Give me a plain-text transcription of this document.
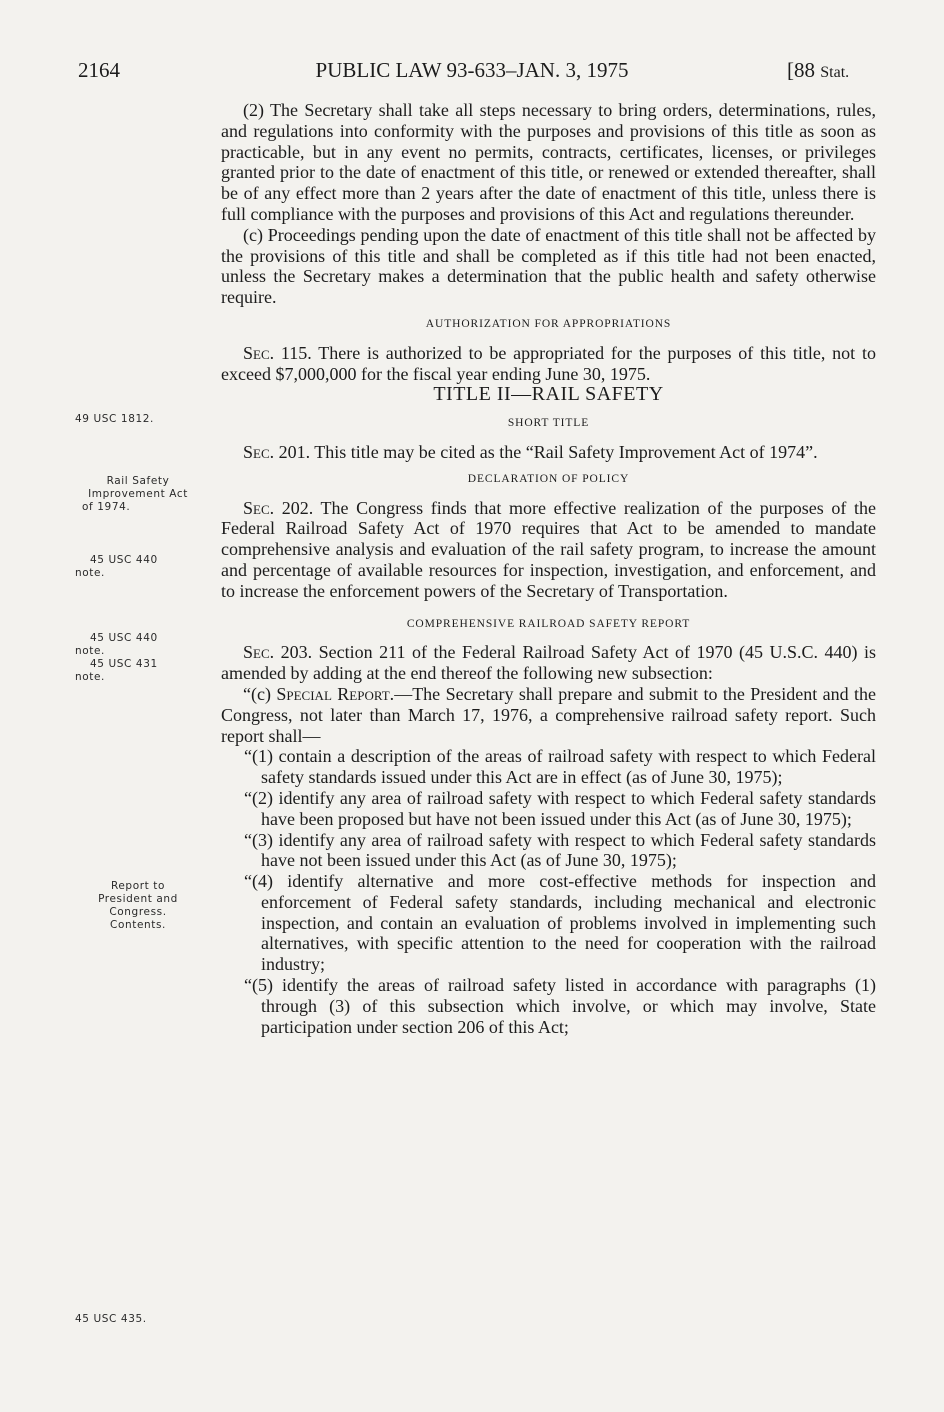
2164	PUBLIC LAW 93-633–JAN. 3, 1975	[88 Stat.

(2) The Secretary shall take all steps necessary to bring orders, determinations, rules, and regulations into conformity with the purposes and provisions of this title as soon as practicable, but in any event no permits, contracts, certificates, licenses, or privileges granted prior to the date of enactment of this title, or renewed or extended thereafter, shall be of any effect more than 2 years after the date of enactment of this title, unless there is full compliance with the purposes and provisions of this Act and regulations thereunder.

(c) Proceedings pending upon the date of enactment of this title shall not be affected by the provisions of this title and shall be completed as if this title had not been enacted, unless the Secretary makes a determination that the public health and safety otherwise require.

AUTHORIZATION FOR APPROPRIATIONS

Sec. 115. There is authorized to be appropriated for the purposes of this title, not to exceed $7,000,000 for the fiscal year ending June 30, 1975.

TITLE II—RAIL SAFETY

SHORT TITLE

Sec. 201. This title may be cited as the “Rail Safety Improvement Act of 1974”.

DECLARATION OF POLICY

Sec. 202. The Congress finds that more effective realization of the purposes of the Federal Railroad Safety Act of 1970 requires that Act to be amended to mandate comprehensive analysis and evaluation of the rail safety program, to increase the amount and percentage of available resources for inspection, investigation, and enforcement, and to increase the enforcement powers of the Secretary of Transportation.

COMPREHENSIVE RAILROAD SAFETY REPORT

Sec. 203. Section 211 of the Federal Railroad Safety Act of 1970 (45 U.S.C. 440) is amended by adding at the end thereof the following new subsection:

“(c) Special Report.—The Secretary shall prepare and submit to the President and the Congress, not later than March 17, 1976, a comprehensive railroad safety report. Such report shall—

“(1) contain a description of the areas of railroad safety with respect to which Federal safety standards issued under this Act are in effect (as of June 30, 1975);

“(2) identify any area of railroad safety with respect to which Federal safety standards have been proposed but have not been issued under this Act (as of June 30, 1975);

“(3) identify any area of railroad safety with respect to which Federal safety standards have not been issued under this Act (as of June 30, 1975);

“(4) identify alternative and more cost-effective methods for inspection and enforcement of Federal safety standards, including mechanical and electronic inspection, and contain an evaluation of problems involved in implementing such alternatives, with specific attention to the need for cooperation with the railroad industry;

“(5) identify the areas of railroad safety listed in accordance with paragraphs (1) through (3) of this subsection which involve, or which may involve, State participation under section 206 of this Act;

49 USC 1812.
Rail Safety
Improvement Act
of 1974.
45 USC 440
note.
45 USC 440
note.
45 USC 431
note.
Report to
President and
Congress.
Contents.
45 USC 435.
